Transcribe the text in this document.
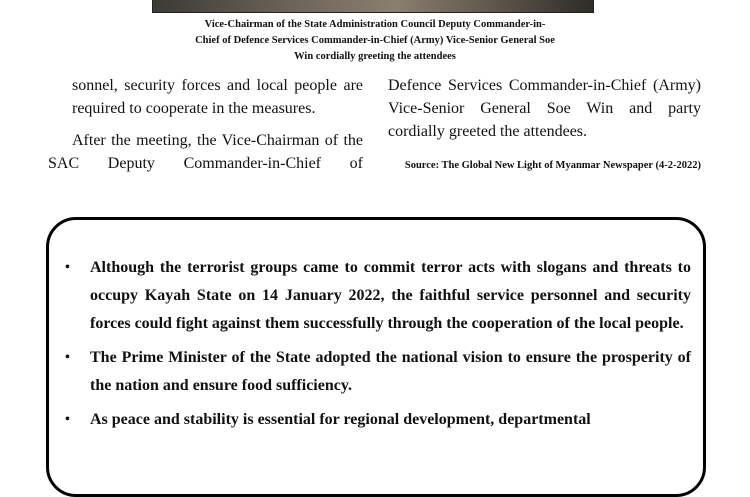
Vice-Chairman of the State Administration Council Deputy Commander-in-
Chief of Defence Services Commander-in-Chief (Army) Vice-Senior General Soe
Win cordially greeting the attendees

sonnel, security forces and local people are required to cooperate in the measures.

After the meeting, the Vice-Chairman of the SAC Deputy Commander-in-Chief of

Defence Services Commander-in-Chief (Army) Vice-Senior General Soe Win and party cordially greeted the attendees.

Source: The Global New Light of Myanmar Newspaper (4-2-2022)

• Although the terrorist groups came to commit terror acts with slogans and threats to occupy Kayah State on 14 January 2022, the faithful service personnel and security forces could fight against them successfully through the cooperation of the local people.
• The Prime Minister of the State adopted the national vision to ensure the prosperity of the nation and ensure food sufficiency.
• As peace and stability is essential for regional development, departmental
